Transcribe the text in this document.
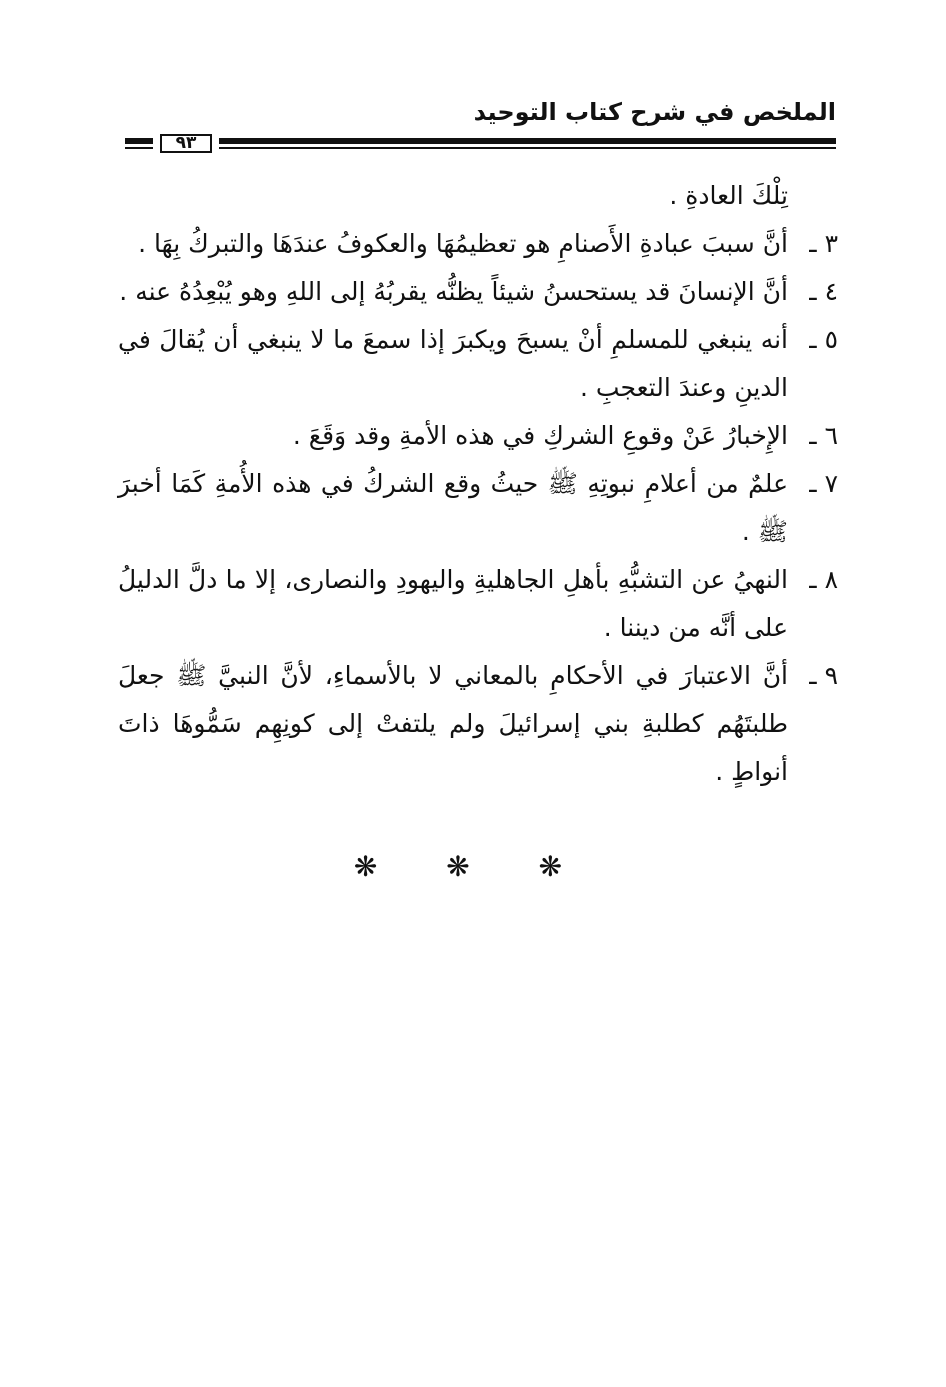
الملخص في شرح كتاب التوحيد
٩٣

تِلْكَ العادةِ .

٣ ـ
أنَّ سببَ عبادةِ الأَصنامِ هو تعظيمُهَا والعكوفُ عندَهَا والتبركُ بِهَا .
٤ ـ
أنَّ الإنسانَ قد يستحسنُ شيئاً يظنُّه يقربُهُ إلى اللهِ وهو يُبْعِدُهُ عنه .
٥ ـ
أنه ينبغي للمسلمِ أنْ يسبحَ ويكبرَ إذا سمعَ ما لا ينبغي أن يُقالَ في الدينِ وعندَ التعجبِ .
٦ ـ
الإِخبارُ عَنْ وقوعِ الشركِ في هذه الأمةِ وقد وَقَعَ .
٧ ـ
علمٌ من أعلامِ نبوتِهِ ﷺ حيثُ وقع الشركُ في هذه الأُمةِ كَمَا أخبرَ ﷺ .
٨ ـ
النهيُ عن التشبُّهِ بأهلِ الجاهليةِ واليهودِ والنصارى، إلا ما دلَّ الدليلُ على أنَّه من ديننا .
٩ ـ
أنَّ الاعتبارَ في الأحكامِ بالمعاني لا بالأسماءِ، لأنَّ النبيَّ ﷺ جعلَ طلبتَهُم كطلبةِ بني إسرائيلَ ولم يلتفتْ إلى كونِهِم سَمُّوهَا ذاتَ أنواطٍ .
❋ ❋ ❋
